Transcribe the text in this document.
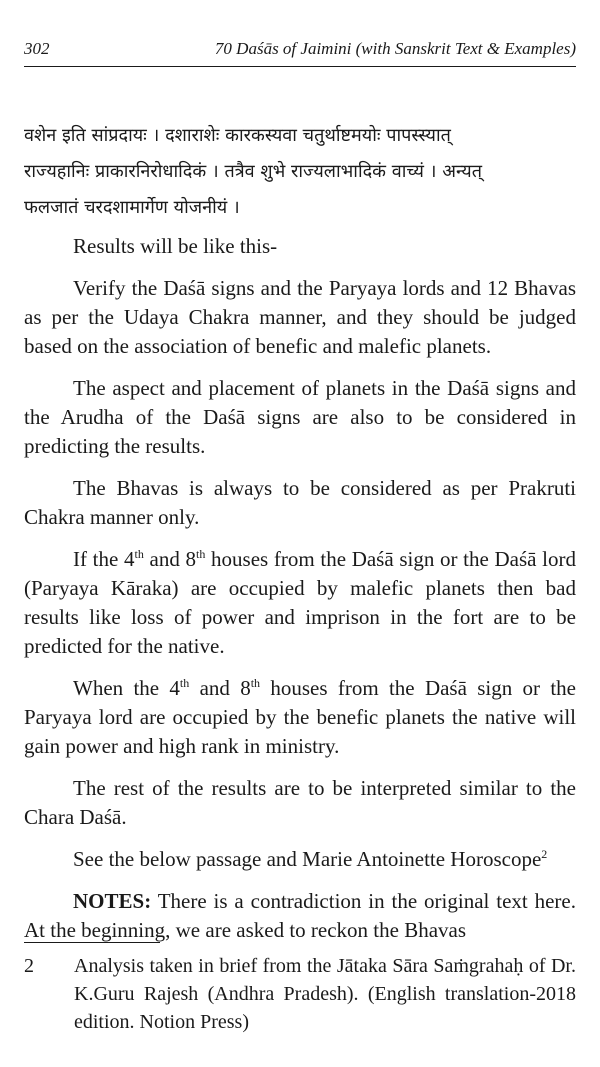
302	70 Daśās of Jaimini (with Sanskrit Text & Examples)
वशेन इति सांप्रदायः । दशाराशेः कारकस्यवा चतुर्थाष्टमयोः पापस्स्यात्
राज्यहानिः प्राकारनिरोधादिकं । तत्रैव शुभे राज्यलाभादिकं वाच्यं । अन्यत्
फलजातं चरदशामार्गेण योजनीयं ।

Results will be like this-

Verify the Daśā signs and the Paryaya lords and 12 Bhavas as per the Udaya Chakra manner, and they should be judged based on the association of benefic and malefic planets.

The aspect and placement of planets in the Daśā signs and the Arudha of the Daśā signs are also to be considered in predicting the results.

The Bhavas is always to be considered as per Prakruti Chakra manner only.

If the 4th and 8th houses from the Daśā sign or the Daśā lord (Paryaya Kāraka) are occupied by malefic planets then bad results like loss of power and imprison in the fort are to be predicted for the native.

When the 4th and 8th houses from the Daśā sign or the Paryaya lord are occupied by the benefic planets the native will gain power and high rank in ministry.

The rest of the results are to be interpreted similar to the Chara Daśā.

See the below passage and Marie Antoinette Horoscope$^2$

NOTES: There is a contradiction in the original text here. At the beginning, we are asked to reckon the Bhavas

2 Analysis taken in brief from the Jātaka Sāra Saṁgrahaḥ of Dr. K.Guru Rajesh (Andhra Pradesh). (English translation-2018 edition. Notion Press)
